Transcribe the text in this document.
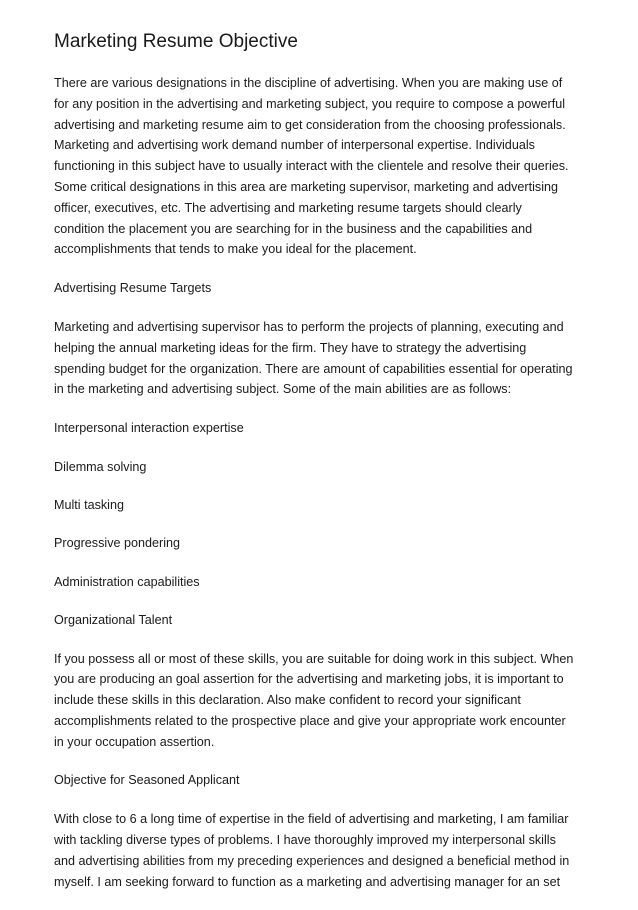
Marketing Resume Objective

There are various designations in the discipline of advertising. When you are making use of
for any position in the advertising and marketing subject, you require to compose a powerful
advertising and marketing resume aim to get consideration from the choosing professionals.
Marketing and advertising work demand number of interpersonal expertise. Individuals
functioning in this subject have to usually interact with the clientele and resolve their queries.
Some critical designations in this area are marketing supervisor, marketing and advertising
officer, executives, etc. The advertising and marketing resume targets should clearly
condition the placement you are searching for in the business and the capabilities and
accomplishments that tends to make you ideal for the placement.

Advertising Resume Targets

Marketing and advertising supervisor has to perform the projects of planning, executing and
helping the annual marketing ideas for the firm. They have to strategy the advertising
spending budget for the organization. There are amount of capabilities essential for operating
in the marketing and advertising subject. Some of the main abilities are as follows:

Interpersonal interaction expertise

Dilemma solving

Multi tasking

Progressive pondering

Administration capabilities

Organizational Talent

If you possess all or most of these skills, you are suitable for doing work in this subject. When
you are producing an goal assertion for the advertising and marketing jobs, it is important to
include these skills in this declaration. Also make confident to record your significant
accomplishments related to the prospective place and give your appropriate work encounter
in your occupation assertion.

Objective for Seasoned Applicant

With close to 6 a long time of expertise in the field of advertising and marketing, I am familiar
with tackling diverse types of problems. I have thoroughly improved my interpersonal skills
and advertising abilities from my preceding experiences and designed a beneficial method in
myself. I am seeking forward to function as a marketing and advertising manager for an set
